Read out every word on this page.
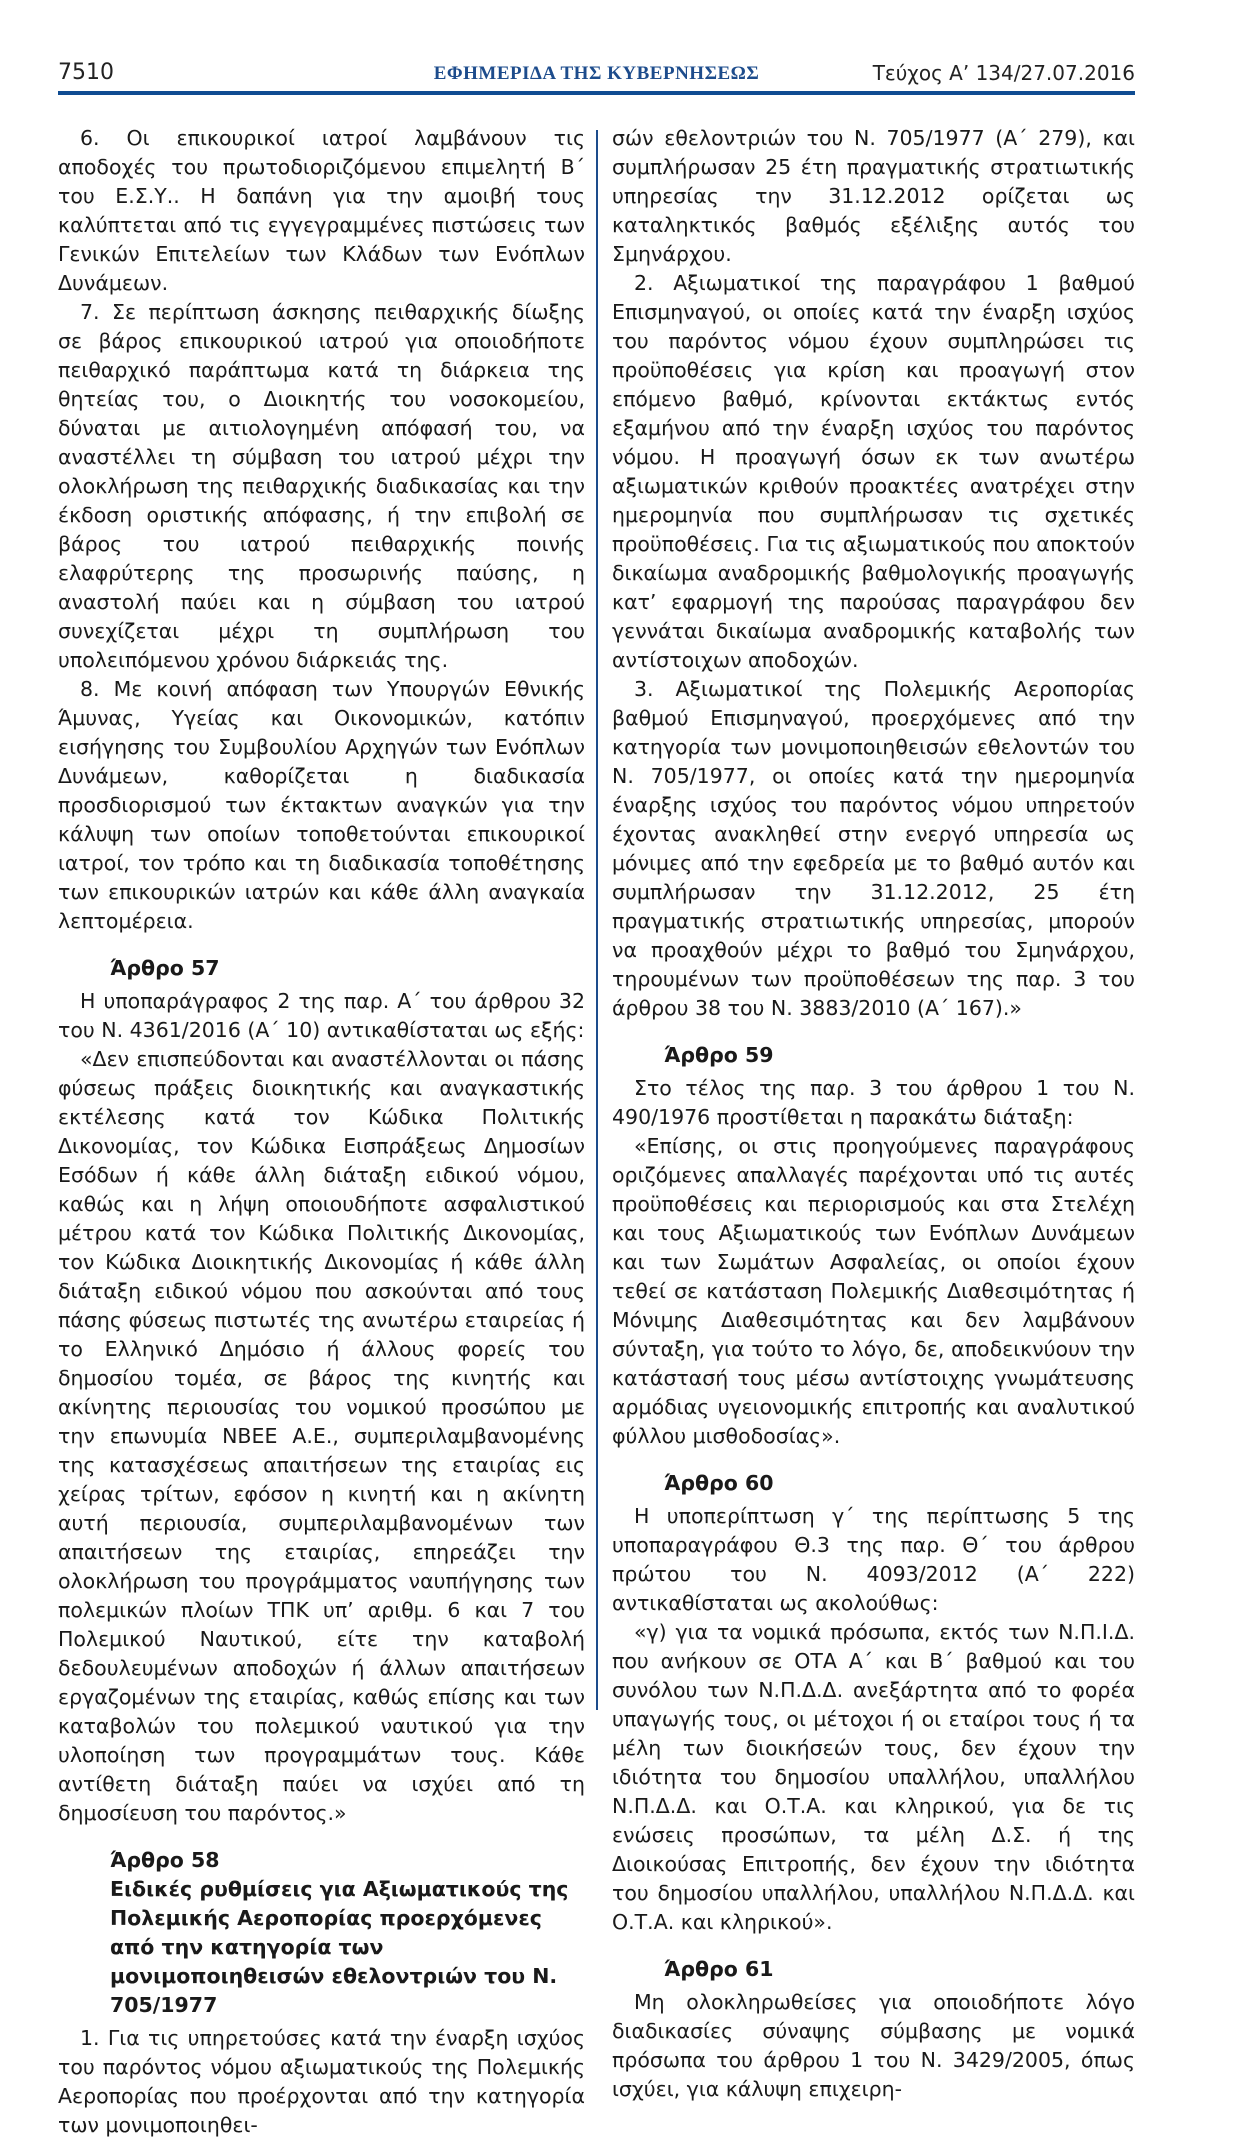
7510	ΕΦΗΜΕΡΙΔΑ ΤΗΣ ΚΥΒΕΡΝΗΣΕΩΣ	Τεύχος Α’ 134/27.07.2016

6. Οι επικουρικοί ιατροί λαμβάνουν τις αποδοχές του πρωτοδιοριζόμενου επιμελητή Β΄ του Ε.Σ.Υ.. Η δαπάνη για την αμοιβή τους καλύπτεται από τις εγγεγραμμένες πιστώσεις των Γενικών Επιτελείων των Κλάδων των Ενόπλων Δυνάμεων.

7. Σε περίπτωση άσκησης πειθαρχικής δίωξης σε βάρος επικουρικού ιατρού για οποιοδήποτε πειθαρχικό παράπτωμα κατά τη διάρκεια της θητείας του, ο Διοικητής του νοσοκομείου, δύναται με αιτιολογημένη απόφασή του, να αναστέλλει τη σύμβαση του ιατρού μέχρι την ολοκλήρωση της πειθαρχικής διαδικασίας και την έκδοση οριστικής απόφασης, ή την επιβολή σε βάρος του ιατρού πειθαρχικής ποινής ελαφρύτερης της προσωρινής παύσης, η αναστολή παύει και η σύμβαση του ιατρού συνεχίζεται μέχρι τη συμπλήρωση του υπολειπόμενου χρόνου διάρκειάς της.

8. Με κοινή απόφαση των Υπουργών Εθνικής Άμυνας, Υγείας και Οικονομικών, κατόπιν εισήγησης του Συμβουλίου Αρχηγών των Ενόπλων Δυνάμεων, καθορίζεται η διαδικασία προσδιορισμού των έκτακτων αναγκών για την κάλυψη των οποίων τοποθετούνται επικουρικοί ιατροί, τον τρόπο και τη διαδικασία τοποθέτησης των επικουρικών ιατρών και κάθε άλλη αναγκαία λεπτομέρεια.

Άρθρο 57

Η υποπαράγραφος 2 της παρ. Α΄ του άρθρου 32 του Ν. 4361/2016 (Α΄ 10) αντικαθίσταται ως εξής:

«Δεν επισπεύδονται και αναστέλλονται οι πάσης φύσεως πράξεις διοικητικής και αναγκαστικής εκτέλεσης κατά τον Κώδικα Πολιτικής Δικονομίας, τον Κώδικα Εισπράξεως Δημοσίων Εσόδων ή κάθε άλλη διάταξη ειδικού νόμου, καθώς και η λήψη οποιουδήποτε ασφαλιστικού μέτρου κατά τον Κώδικα Πολιτικής Δικονομίας, τον Κώδικα Διοικητικής Δικονομίας ή κάθε άλλη διάταξη ειδικού νόμου που ασκούνται από τους πάσης φύσεως πιστωτές της ανωτέρω εταιρείας ή το Ελληνικό Δημόσιο ή άλλους φορείς του δημοσίου τομέα, σε βάρος της κινητής και ακίνητης περιουσίας του νομικού προσώπου με την επωνυμία ΝΒΕΕ Α.Ε., συμπεριλαμβανομένης της κατασχέσεως απαιτήσεων της εταιρίας εις χείρας τρίτων, εφόσον η κινητή και η ακίνητη αυτή περιουσία, συμπεριλαμβανομένων των απαιτήσεων της εταιρίας, επηρεάζει την ολοκλήρωση του προγράμματος ναυπήγησης των πολεμικών πλοίων ΤΠΚ υπ’ αριθμ. 6 και 7 του Πολεμικού Ναυτικού, είτε την καταβολή δεδουλευμένων αποδοχών ή άλλων απαιτήσεων εργαζομένων της εταιρίας, καθώς επίσης και των καταβολών του πολεμικού ναυτικού για την υλοποίηση των προγραμμάτων τους. Κάθε αντίθετη διάταξη παύει να ισχύει από τη δημοσίευση του παρόντος.»

Άρθρο 58
Ειδικές ρυθμίσεις για Αξιωματικούς της Πολεμικής Αεροπορίας προερχόμενες από την κατηγορία των μονιμοποιηθεισών εθελοντριών του Ν. 705/1977

1. Για τις υπηρετούσες κατά την έναρξη ισχύος του παρόντος νόμου αξιωματικούς της Πολεμικής Αεροπορίας που προέρχονται από την κατηγορία των μονιμοποιηθει-

σών εθελοντριών του Ν. 705/1977 (Α΄ 279), και συμπλήρωσαν 25 έτη πραγματικής στρατιωτικής υπηρεσίας την 31.12.2012 ορίζεται ως καταληκτικός βαθμός εξέλιξης αυτός του Σμηνάρχου.

2. Αξιωματικοί της παραγράφου 1 βαθμού Επισμηναγού, οι οποίες κατά την έναρξη ισχύος του παρόντος νόμου έχουν συμπληρώσει τις προϋποθέσεις για κρίση και προαγωγή στον επόμενο βαθμό, κρίνονται εκτάκτως εντός εξαμήνου από την έναρξη ισχύος του παρόντος νόμου. Η προαγωγή όσων εκ των ανωτέρω αξιωματικών κριθούν προακτέες ανατρέχει στην ημερομηνία που συμπλήρωσαν τις σχετικές προϋποθέσεις. Για τις αξιωματικούς που αποκτούν δικαίωμα αναδρομικής βαθμολογικής προαγωγής κατ’ εφαρμογή της παρούσας παραγράφου δεν γεννάται δικαίωμα αναδρομικής καταβολής των αντίστοιχων αποδοχών.

3. Αξιωματικοί της Πολεμικής Αεροπορίας βαθμού Επισμηναγού, προερχόμενες από την κατηγορία των μονιμοποιηθεισών εθελοντών του Ν. 705/1977, οι οποίες κατά την ημερομηνία έναρξης ισχύος του παρόντος νόμου υπηρετούν έχοντας ανακληθεί στην ενεργό υπηρεσία ως μόνιμες από την εφεδρεία με το βαθμό αυτόν και συμπλήρωσαν την 31.12.2012, 25 έτη πραγματικής στρατιωτικής υπηρεσίας, μπορούν να προαχθούν μέχρι το βαθμό του Σμηνάρχου, τηρουμένων των προϋποθέσεων της παρ. 3 του άρθρου 38 του Ν. 3883/2010 (Α΄ 167).»

Άρθρο 59

Στο τέλος της παρ. 3 του άρθρου 1 του Ν. 490/1976 προστίθεται η παρακάτω διάταξη:

«Επίσης, οι στις προηγούμενες παραγράφους οριζόμενες απαλλαγές παρέχονται υπό τις αυτές προϋποθέσεις και περιορισμούς και στα Στελέχη και τους Αξιωματικούς των Ενόπλων Δυνάμεων και των Σωμάτων Ασφαλείας, οι οποίοι έχουν τεθεί σε κατάσταση Πολεμικής Διαθεσιμότητας ή Μόνιμης Διαθεσιμότητας και δεν λαμβάνουν σύνταξη, για τούτο το λόγο, δε, αποδεικνύουν την κατάστασή τους μέσω αντίστοιχης γνωμάτευσης αρμόδιας υγειονομικής επιτροπής και αναλυτικού φύλλου μισθοδοσίας».

Άρθρο 60

Η υποπερίπτωση γ΄ της περίπτωσης 5 της υποπαραγράφου Θ.3 της παρ. Θ΄ του άρθρου πρώτου του Ν. 4093/2012 (Α΄ 222) αντικαθίσταται ως ακολούθως:

«γ) για τα νομικά πρόσωπα, εκτός των Ν.Π.Ι.Δ. που ανήκουν σε ΟΤΑ Α΄ και Β΄ βαθμού και του συνόλου των Ν.Π.Δ.Δ. ανεξάρτητα από το φορέα υπαγωγής τους, οι μέτοχοι ή οι εταίροι τους ή τα μέλη των διοικήσεών τους, δεν έχουν την ιδιότητα του δημοσίου υπαλλήλου, υπαλλήλου Ν.Π.Δ.Δ. και Ο.Τ.Α. και κληρικού, για δε τις ενώσεις προσώπων, τα μέλη Δ.Σ. ή της Διοικούσας Επιτροπής, δεν έχουν την ιδιότητα του δημοσίου υπαλλήλου, υπαλλήλου Ν.Π.Δ.Δ. και Ο.Τ.Α. και κληρικού».

Άρθρο 61

Μη ολοκληρωθείσες για οποιοδήποτε λόγο διαδικασίες σύναψης σύμβασης με νομικά πρόσωπα του άρθρου 1 του Ν. 3429/2005, όπως ισχύει, για κάλυψη επιχειρη-
